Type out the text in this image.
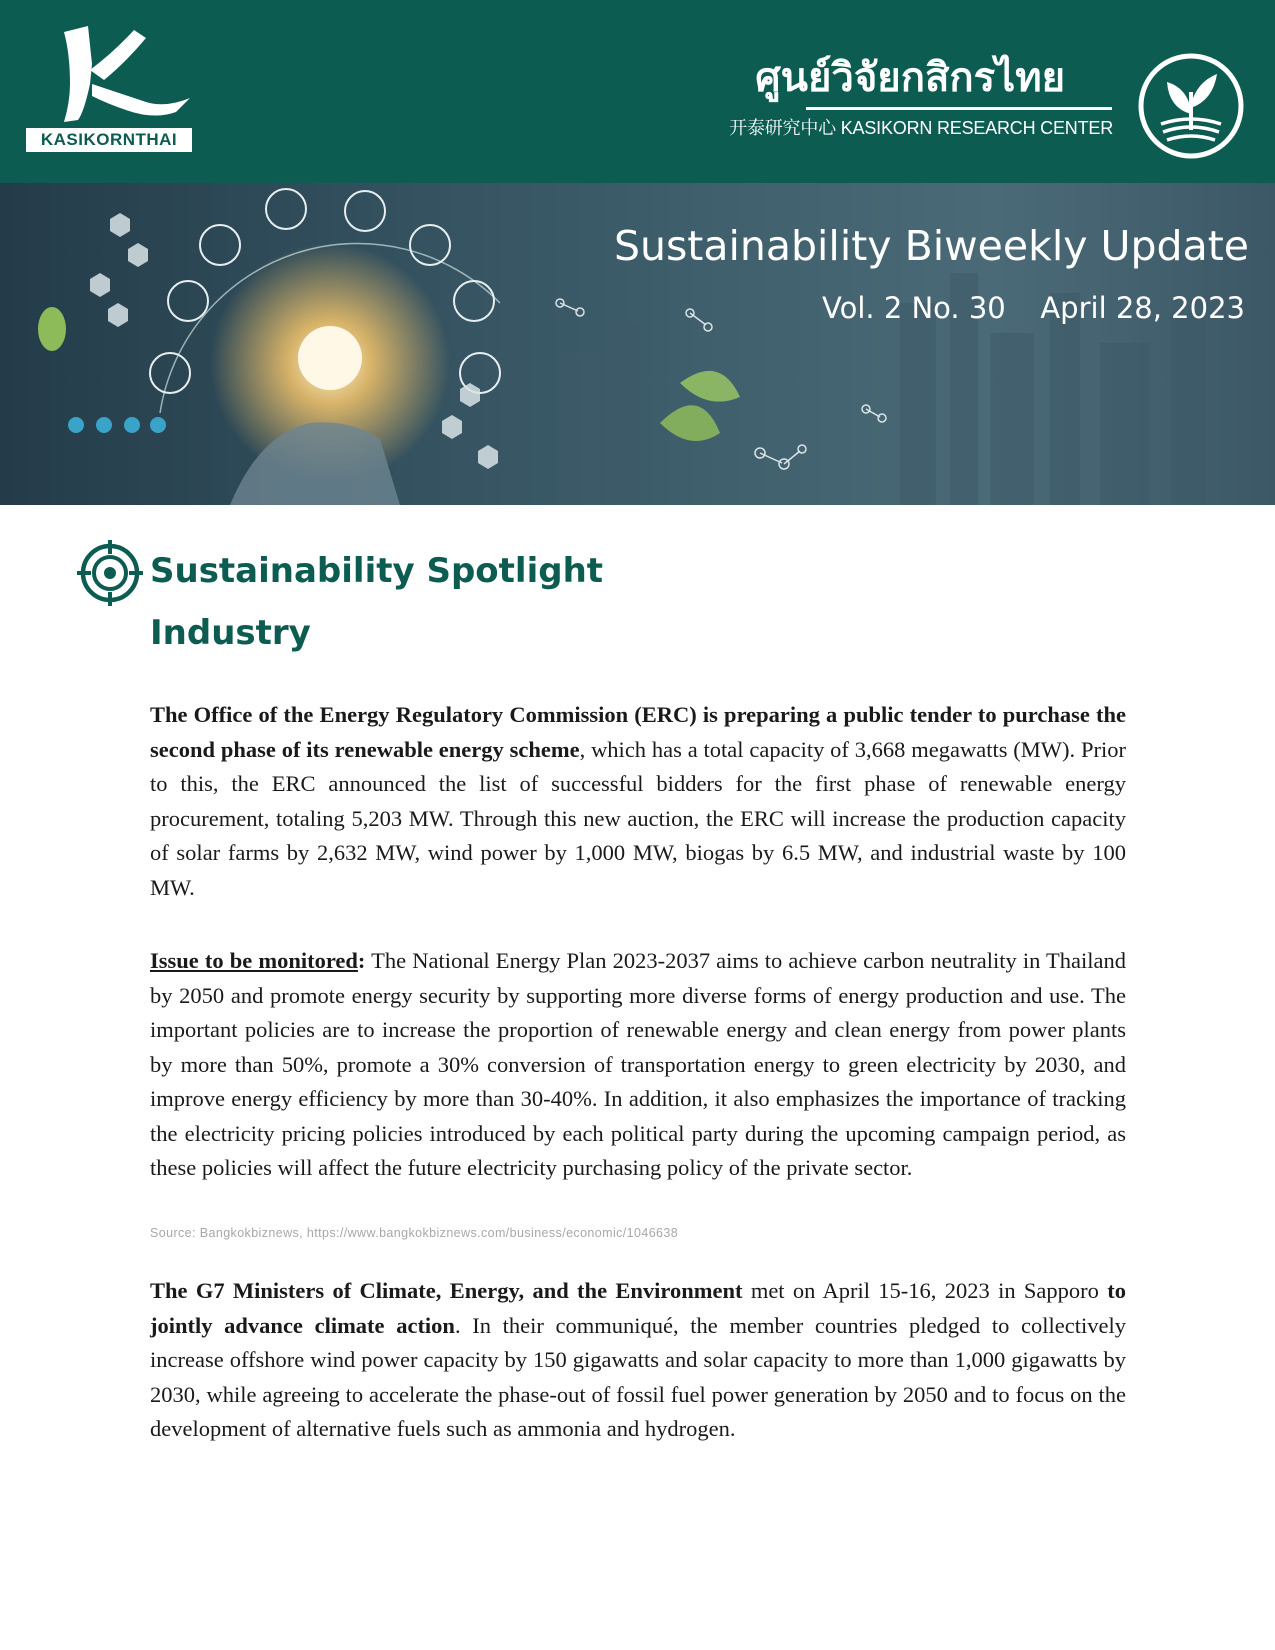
KASIKORNTHAI
ศูนย์วิจัยกสิกรไทย
开泰研究中心 KASIKORN RESEARCH CENTER
Sustainability Biweekly Update
Vol. 2 No. 30 April 28, 2023
Sustainability Spotlight
Industry

The Office of the Energy Regulatory Commission (ERC) is preparing a public tender to purchase the second phase of its renewable energy scheme, which has a total capacity of 3,668 megawatts (MW). Prior to this, the ERC announced the list of successful bidders for the first phase of renewable energy procurement, totaling 5,203 MW. Through this new auction, the ERC will increase the production capacity of solar farms by 2,632 MW, wind power by 1,000 MW, biogas by 6.5 MW, and industrial waste by 100 MW.

Issue to be monitored: The National Energy Plan 2023-2037 aims to achieve carbon neutrality in Thailand by 2050 and promote energy security by supporting more diverse forms of energy production and use. The important policies are to increase the proportion of renewable energy and clean energy from power plants by more than 50%, promote a 30% conversion of transportation energy to green electricity by 2030, and improve energy efficiency by more than 30-40%. In addition, it also emphasizes the importance of tracking the electricity pricing policies introduced by each political party during the upcoming campaign period, as these policies will affect the future electricity purchasing policy of the private sector.

Source: Bangkokbiznews, https://www.bangkokbiznews.com/business/economic/1046638

The G7 Ministers of Climate, Energy, and the Environment met on April 15-16, 2023 in Sapporo to jointly advance climate action. In their communiqué, the member countries pledged to collectively increase offshore wind power capacity by 150 gigawatts and solar capacity to more than 1,000 gigawatts by 2030, while agreeing to accelerate the phase-out of fossil fuel power generation by 2050 and to focus on the development of alternative fuels such as ammonia and hydrogen.
